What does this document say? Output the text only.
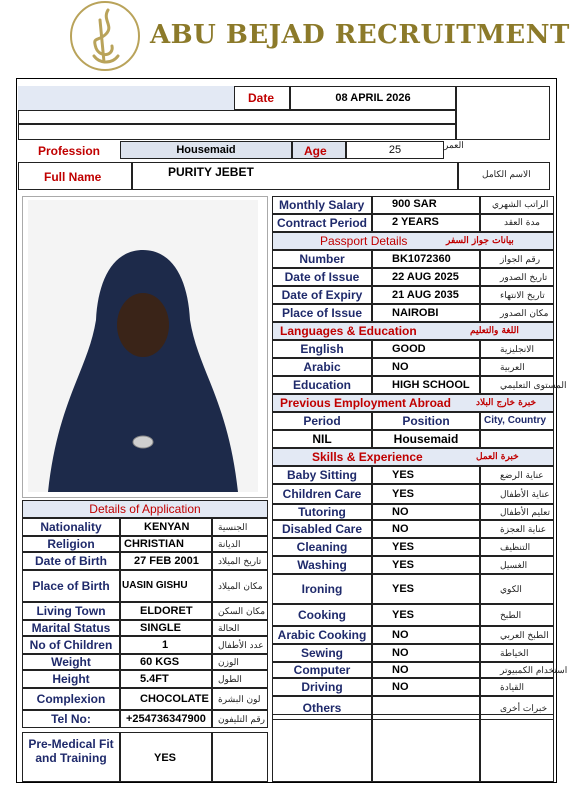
ABU BEJAD RECRUITMENT
Date	08 APRIL 2026
Profession	Housemaid	Age	25	العمر
Full Name	PURITY JEBET	الاسم الكامل
Monthly Salary	900 SAR	الراتب الشهري
Contract Period 2 YEARS	مدة العقد
Passport Details	بيانات جواز السفر
Pre-Medical Fit
and Training	YES
Number	BK1072360	رقم الجواز
Date of Issue	22 AUG 2025	تاريخ الصدور
Date of Expiry	21 AUG 2035	تاريخ الانتهاء
Place of Issue	NAIROBI	مكان الصدور
Languages & Education	اللغة والتعليم
English	GOOD	الانجليزية
Arabic	NO	العربية
Education	HIGH SCHOOL	المستوى التعليمي
Previous Employment Abroad	خبرة خارج البلاد
Period	Position	City, Country
NIL	Housemaid
Skills & Experience	خبرة العمل
Baby Sitting	YES	عناية الرضع
Children Care	YES	عناية الأطفال
Tutoring	NO	تعليم الأطفال
Disabled Care	NO	عناية العجزة
Cleaning	YES	التنظيف
Washing	YES	الغسيل
Ironing	YES	الكوي
Cooking	YES	الطبخ
Arabic Cooking	NO	الطبخ العربي
Sewing	NO	الخياطة
Computer	NO	استخدام الكمبيوتر
Driving	NO	القيادة
Others	خبرات أخرى
Details of Application
Nationality	KENYAN	الجنسية
Religion	CHRISTIAN	الديانة
Date of Birth	27 FEB 2001 تاريخ الميلاد
Place of Birth	UASIN GISHU	مكان الميلاد
Living Town	ELDORET	مكان السكن
Marital Status	SINGLE	الحالة
No of Children	1	عدد الأطفال
Weight	60 KGS	الوزن
Height	5.4FT	الطول
Complexion	CHOCOLATE لون البشرة
Tel No:	+254736347900 رقم التليفون
